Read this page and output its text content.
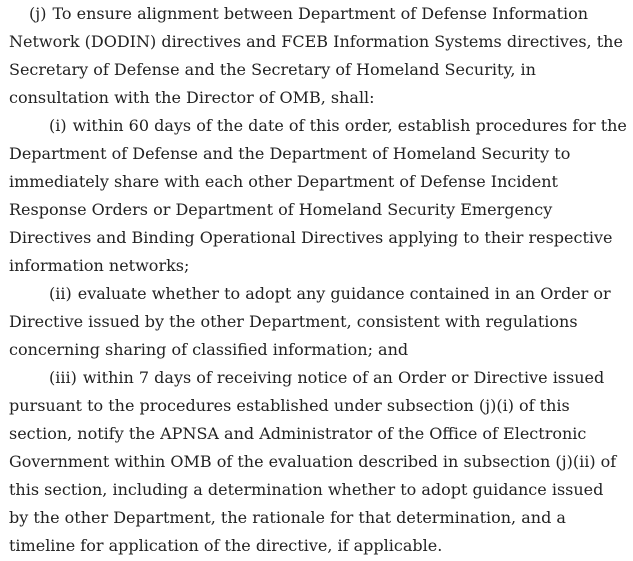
(j) To ensure alignment between Department of Defense Information Network (DODIN) directives and FCEB Information Systems directives, the Secretary of Defense and the Secretary of Homeland Security, in consultation with the Director of OMB, shall:

(i) within 60 days of the date of this order, establish procedures for the Department of Defense and the Department of Homeland Security to immediately share with each other Department of Defense Incident Response Orders or Department of Homeland Security Emergency Directives and Binding Operational Directives applying to their respective information networks;

(ii) evaluate whether to adopt any guidance contained in an Order or Directive issued by the other Department, consistent with regulations concerning sharing of classified information; and

(iii) within 7 days of receiving notice of an Order or Directive issued pursuant to the procedures established under subsection (j)(i) of this section, notify the APNSA and Administrator of the Office of Electronic Government within OMB of the evaluation described in subsection (j)(ii) of this section, including a determination whether to adopt guidance issued by the other Department, the rationale for that determination, and a timeline for application of the directive, if applicable.
